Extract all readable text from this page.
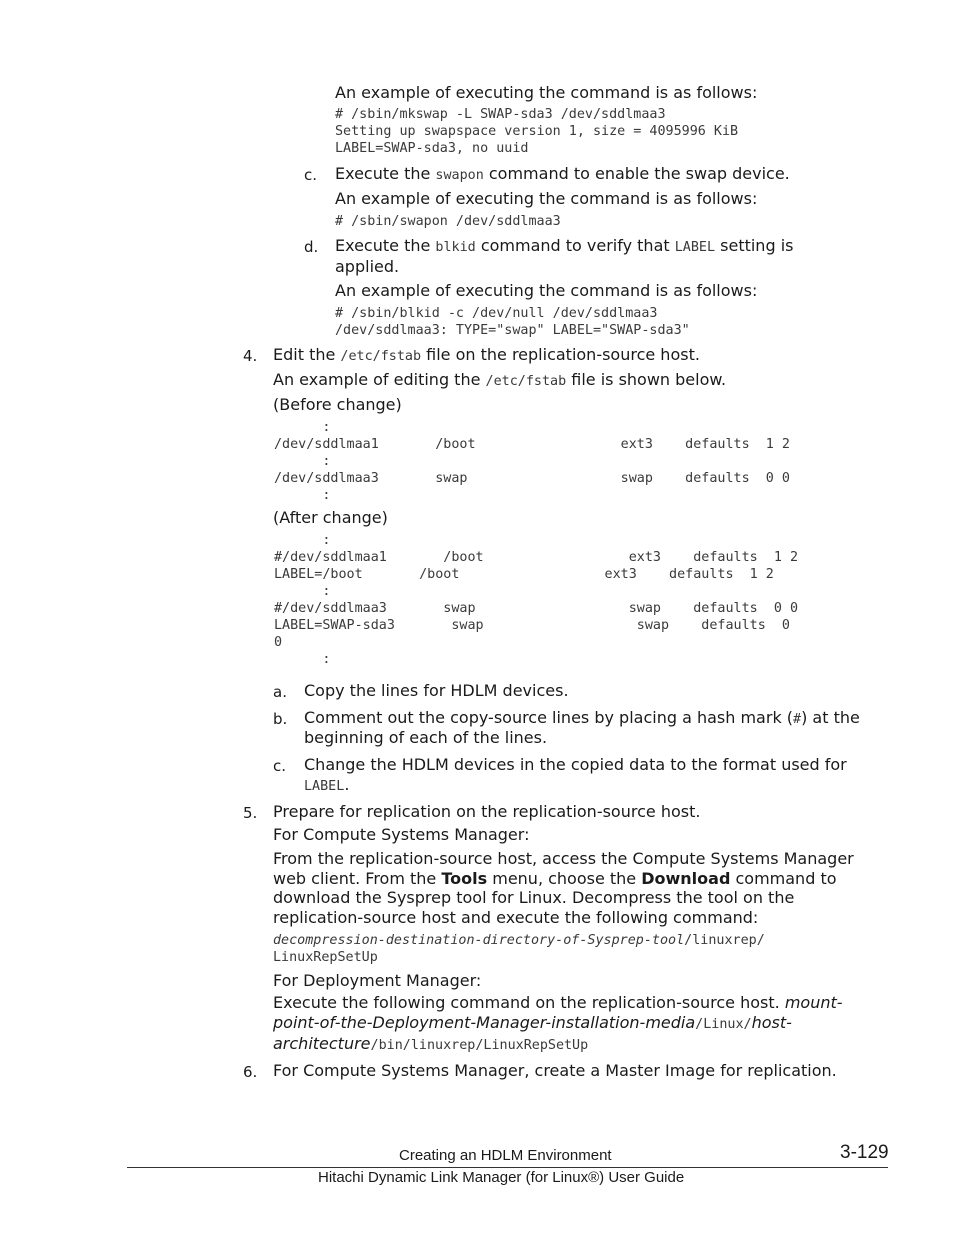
An example of executing the command is as follows:
# /sbin/mkswap -L SWAP-sda3 /dev/sddlmaa3
Setting up swapspace version 1, size = 4095996 KiB
LABEL=SWAP-sda3, no uuid
c. Execute the swapon command to enable the swap device.
An example of executing the command is as follows:
# /sbin/swapon /dev/sddlmaa3
d. Execute the blkid command to verify that LABEL setting is
applied.
An example of executing the command is as follows:
# /sbin/blkid -c /dev/null /dev/sddlmaa3
/dev/sddlmaa3: TYPE="swap" LABEL="SWAP-sda3"
4. Edit the /etc/fstab file on the replication-source host.
An example of editing the /etc/fstab file is shown below.
(Before change)
:
/dev/sddlmaa1       /boot                  ext3    defaults  1 2
:
/dev/sddlmaa3       swap                   swap    defaults  0 0
:
(After change)
:
#/dev/sddlmaa1       /boot                  ext3    defaults  1 2
LABEL=/boot       /boot                  ext3    defaults  1 2
:
#/dev/sddlmaa3       swap                   swap    defaults  0 0
LABEL=SWAP-sda3       swap                   swap    defaults  0
0
:
a. Copy the lines for HDLM devices.
b. Comment out the copy-source lines by placing a hash mark (#) at the
beginning of each of the lines.
c. Change the HDLM devices in the copied data to the format used for
LABEL.
5. Prepare for replication on the replication-source host.
For Compute Systems Manager:
From the replication-source host, access the Compute Systems Manager
web client. From the Tools menu, choose the Download command to
download the Sysprep tool for Linux. Decompress the tool on the
replication-source host and execute the following command:
decompression-destination-directory-of-Sysprep-tool/linuxrep/
LinuxRepSetUp
For Deployment Manager:
Execute the following command on the replication-source host. mount-
point-of-the-Deployment-Manager-installation-media/Linux/host-
architecture/bin/linuxrep/LinuxRepSetUp
6. For Compute Systems Manager, create a Master Image for replication.
Creating an HDLM Environment	3-129
Hitachi Dynamic Link Manager (for Linux®) User Guide
